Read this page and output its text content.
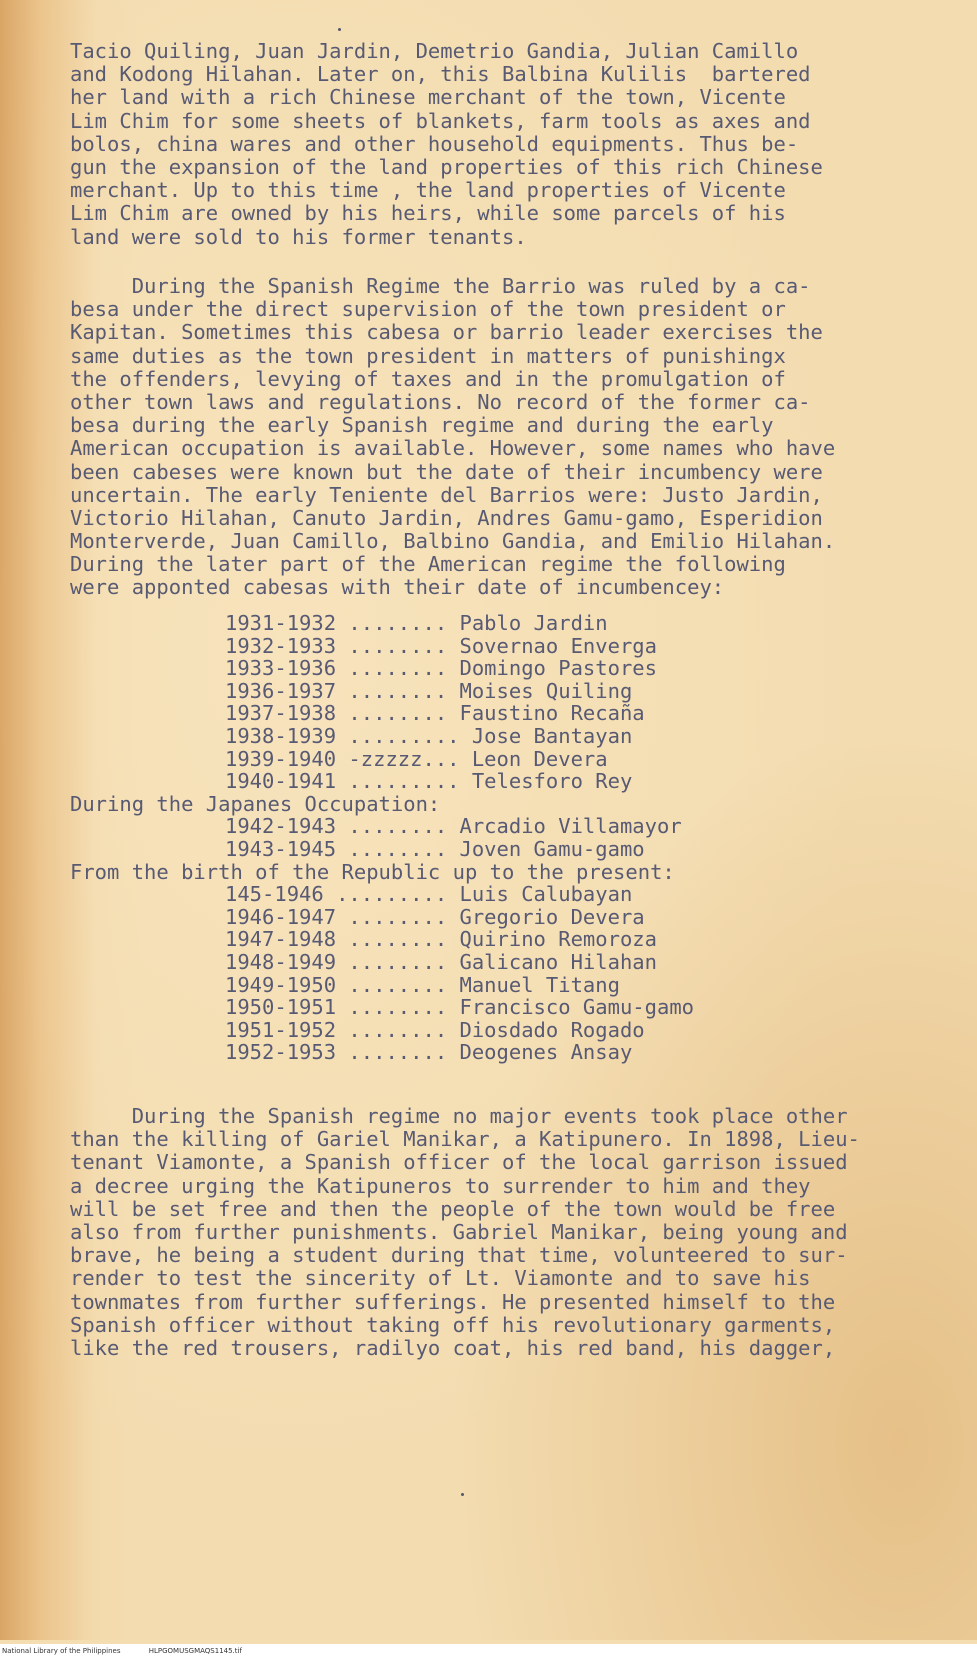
Tacio Quiling, Juan Jardin, Demetrio Gandia, Julian Camillo
and Kodong Hilahan. Later on, this Balbina Kulilis  bartered
her land with a rich Chinese merchant of the town, Vicente
Lim Chim for some sheets of blankets, farm tools as axes and
bolos, china wares and other household equipments. Thus be-
gun the expansion of the land properties of this rich Chinese
merchant. Up to this time , the land properties of Vicente
Lim Chim are owned by his heirs, while some parcels of his
land were sold to his former tenants.
During the Spanish Regime the Barrio was ruled by a ca-
besa under the direct supervision of the town president or
Kapitan. Sometimes this cabesa or barrio leader exercises the
same duties as the town president in matters of punishingx
the offenders, levying of taxes and in the promulgation of
other town laws and regulations. No record of the former ca-
besa during the early Spanish regime and during the early
American occupation is available. However, some names who have
been cabeses were known but the date of their incumbency were
uncertain. The early Teniente del Barrios were: Justo Jardin,
Victorio Hilahan, Canuto Jardin, Andres Gamu-gamo, Esperidion
Monterverde, Juan Camillo, Balbino Gandia, and Emilio Hilahan.
During the later part of the American regime the following
were apponted cabesas with their date of incumbencey:
1931-1932 ........ Pablo Jardin
1932-1933 ........ Sovernao Enverga
1933-1936 ........ Domingo Pastores
1936-1937 ........ Moises Quiling
1937-1938 ........ Faustino Recaña
1938-1939 ......... Jose Bantayan
1939-1940 -zzzzz... Leon Devera
1940-1941 ......... Telesforo Rey
During the Japanes Occupation:
1942-1943 ........ Arcadio Villamayor
1943-1945 ........ Joven Gamu-gamo
From the birth of the Republic up to the present:
145-1946 ......... Luis Calubayan
1946-1947 ........ Gregorio Devera
1947-1948 ........ Quirino Remoroza
1948-1949 ........ Galicano Hilahan
1949-1950 ........ Manuel Titang
1950-1951 ........ Francisco Gamu-gamo
1951-1952 ........ Diosdado Rogado
1952-1953 ........ Deogenes Ansay
During the Spanish regime no major events took place other
than the killing of Gariel Manikar, a Katipunero. In 1898, Lieu-
tenant Viamonte, a Spanish officer of the local garrison issued
a decree urging the Katipuneros to surrender to him and they
will be set free and then the people of the town would be free
also from further punishments. Gabriel Manikar, being young and
brave, he being a student during that time, volunteered to sur-
render to test the sincerity of Lt. Viamonte and to save his
townmates from further sufferings. He presented himself to the
Spanish officer without taking off his revolutionary garments,
like the red trousers, radilyo coat, his red band, his dagger,
National Library of the Philippines	HLPGOMUSGMAQS1145.tif
